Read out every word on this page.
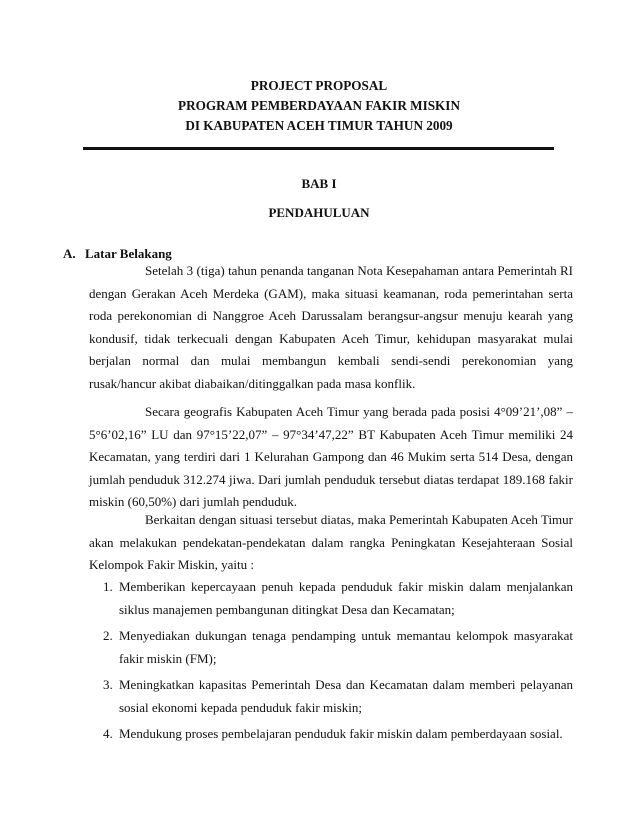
PROJECT PROPOSAL
PROGRAM PEMBERDAYAAN FAKIR MISKIN
DI KABUPATEN ACEH TIMUR TAHUN 2009
BAB I
PENDAHULUAN
A. Latar Belakang

Setelah 3 (tiga) tahun penanda tanganan Nota Kesepahaman antara Pemerintah RI dengan Gerakan Aceh Merdeka (GAM), maka situasi keamanan, roda pemerintahan serta roda perekonomian di Nanggroe Aceh Darussalam berangsur-angsur menuju kearah yang kondusif, tidak terkecuali dengan Kabupaten Aceh Timur, kehidupan masyarakat mulai berjalan normal dan mulai membangun kembali sendi-sendi perekonomian yang rusak/hancur akibat diabaikan/ditinggalkan pada masa konflik.

Secara geografis Kabupaten Aceh Timur yang berada pada posisi 4°09’21’,08” – 5°6’02,16” LU dan 97°15’22,07” – 97°34’47,22” BT Kabupaten Aceh Timur memiliki 24 Kecamatan, yang terdiri dari 1 Kelurahan Gampong dan 46 Mukim serta 514 Desa, dengan jumlah penduduk 312.274 jiwa. Dari jumlah penduduk tersebut diatas terdapat 189.168 fakir miskin (60,50%) dari jumlah penduduk.

Berkaitan dengan situasi tersebut diatas, maka Pemerintah Kabupaten Aceh Timur akan melakukan pendekatan-pendekatan dalam rangka Peningkatan Kesejahteraan Sosial Kelompok Fakir Miskin, yaitu :

1. Memberikan kepercayaan penuh kepada penduduk fakir miskin dalam menjalankan siklus manajemen pembangunan ditingkat Desa dan Kecamatan;
2. Menyediakan dukungan tenaga pendamping untuk memantau kelompok masyarakat fakir miskin (FM);
3. Meningkatkan kapasitas Pemerintah Desa dan Kecamatan dalam memberi pelayanan sosial ekonomi kepada penduduk fakir miskin;
4. Mendukung proses pembelajaran penduduk fakir miskin dalam pemberdayaan sosial.
